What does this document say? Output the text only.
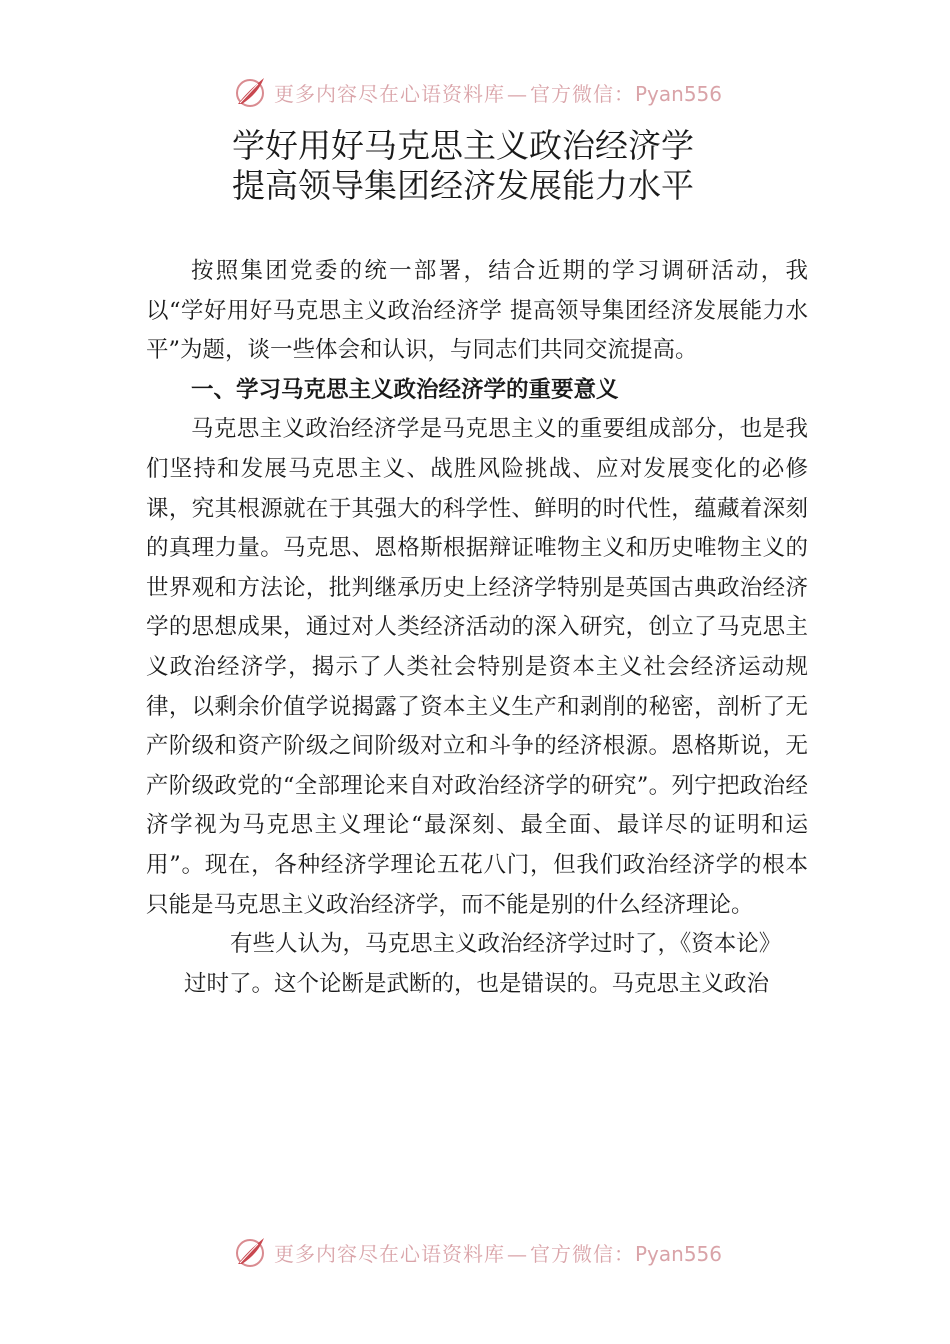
更多内容尽在心语资料库 — 官方微信：Pyan556
学好用好马克思主义政治经济学提高领导集团经济发展能力水平

按照集团党委的统一部署，结合近期的学习调研活动，我以“学好用好马克思主义政治经济学 提高领导集团经济发展能力水平”为题，谈一些体会和认识，与同志们共同交流提高。

一、学习马克思主义政治经济学的重要意义

马克思主义政治经济学是马克思主义的重要组成部分，也是我们坚持和发展马克思主义、战胜风险挑战、应对发展变化的必修课，究其根源就在于其强大的科学性、鲜明的时代性，蕴藏着深刻的真理力量。马克思、恩格斯根据辩证唯物主义和历史唯物主义的世界观和方法论，批判继承历史上经济学特别是英国古典政治经济学的思想成果，通过对人类经济活动的深入研究，创立了马克思主义政治经济学，揭示了人类社会特别是资本主义社会经济运动规律，以剩余价值学说揭露了资本主义生产和剥削的秘密，剖析了无产阶级和资产阶级之间阶级对立和斗争的经济根源。恩格斯说，无产阶级政党的“全部理论来自对政治经济学的研究”。列宁把政治经济学视为马克思主义理论“最深刻、最全面、最详尽的证明和运用”。现在，各种经济学理论五花八门，但我们政治经济学的根本只能是马克思主义政治经济学，而不能是别的什么经济理论。

有些人认为，马克思主义政治经济学过时了，《资本论》
过时了。这个论断是武断的，也是错误的。马克思主义政治

更多内容尽在心语资料库 — 官方微信：Pyan556
